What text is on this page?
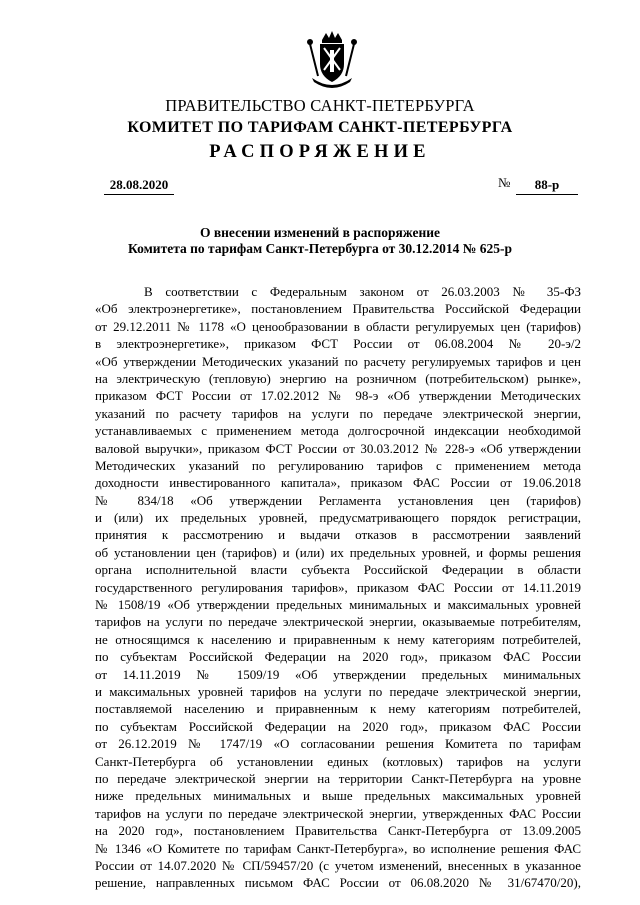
ПРАВИТЕЛЬСТВО САНКТ-ПЕТЕРБУРГА
КОМИТЕТ ПО ТАРИФАМ САНКТ-ПЕТЕРБУРГА
РАСПОРЯЖЕНИЕ
28.08.2020	№	88-р
О внесении изменений в распоряжение
Комитета по тарифам Санкт-Петербурга от 30.12.2014 № 625-р
В соответствии с Федеральным законом от 26.03.2003 № 35-ФЗ
«Об электроэнергетике», постановлением Правительства Российской Федерации
от 29.12.2011 № 1178 «О ценообразовании в области регулируемых цен (тарифов)
в электроэнергетике», приказом ФСТ России от 06.08.2004 № 20-э/2
«Об утверждении Методических указаний по расчету регулируемых тарифов и цен
на электрическую (тепловую) энергию на розничном (потребительском) рынке»,
приказом ФСТ России от 17.02.2012 № 98-э «Об утверждении Методических
указаний по расчету тарифов на услуги по передаче электрической энергии,
устанавливаемых с применением метода долгосрочной индексации необходимой
валовой выручки», приказом ФСТ России от 30.03.2012 № 228-э «Об утверждении
Методических указаний по регулированию тарифов с применением метода
доходности инвестированного капитала», приказом ФАС России от 19.06.2018
№ 834/18 «Об утверждении Регламента установления цен (тарифов)
и (или) их предельных уровней, предусматривающего порядок регистрации,
принятия к рассмотрению и выдачи отказов в рассмотрении заявлений
об установлении цен (тарифов) и (или) их предельных уровней, и формы решения
органа исполнительной власти субъекта Российской Федерации в области
государственного регулирования тарифов», приказом ФАС России от 14.11.2019
№ 1508/19 «Об утверждении предельных минимальных и максимальных уровней
тарифов на услуги по передаче электрической энергии, оказываемые потребителям,
не относящимся к населению и приравненным к нему категориям потребителей,
по субъектам Российской Федерации на 2020 год», приказом ФАС России
от 14.11.2019 № 1509/19 «Об утверждении предельных минимальных
и максимальных уровней тарифов на услуги по передаче электрической энергии,
поставляемой населению и приравненным к нему категориям потребителей,
по субъектам Российской Федерации на 2020 год», приказом ФАС России
от 26.12.2019 № 1747/19 «О согласовании решения Комитета по тарифам
Санкт-Петербурга об установлении единых (котловых) тарифов на услуги
по передаче электрической энергии на территории Санкт-Петербурга на уровне
ниже предельных минимальных и выше предельных максимальных уровней
тарифов на услуги по передаче электрической энергии, утвержденных ФАС России
на 2020 год», постановлением Правительства Санкт-Петербурга от 13.09.2005
№ 1346 «О Комитете по тарифам Санкт-Петербурга», во исполнение решения ФАС
России от 14.07.2020 № СП/59457/20 (с учетом изменений, внесенных в указанное
решение, направленных письмом ФАС России от 06.08.2020 № 31/67470/20),
